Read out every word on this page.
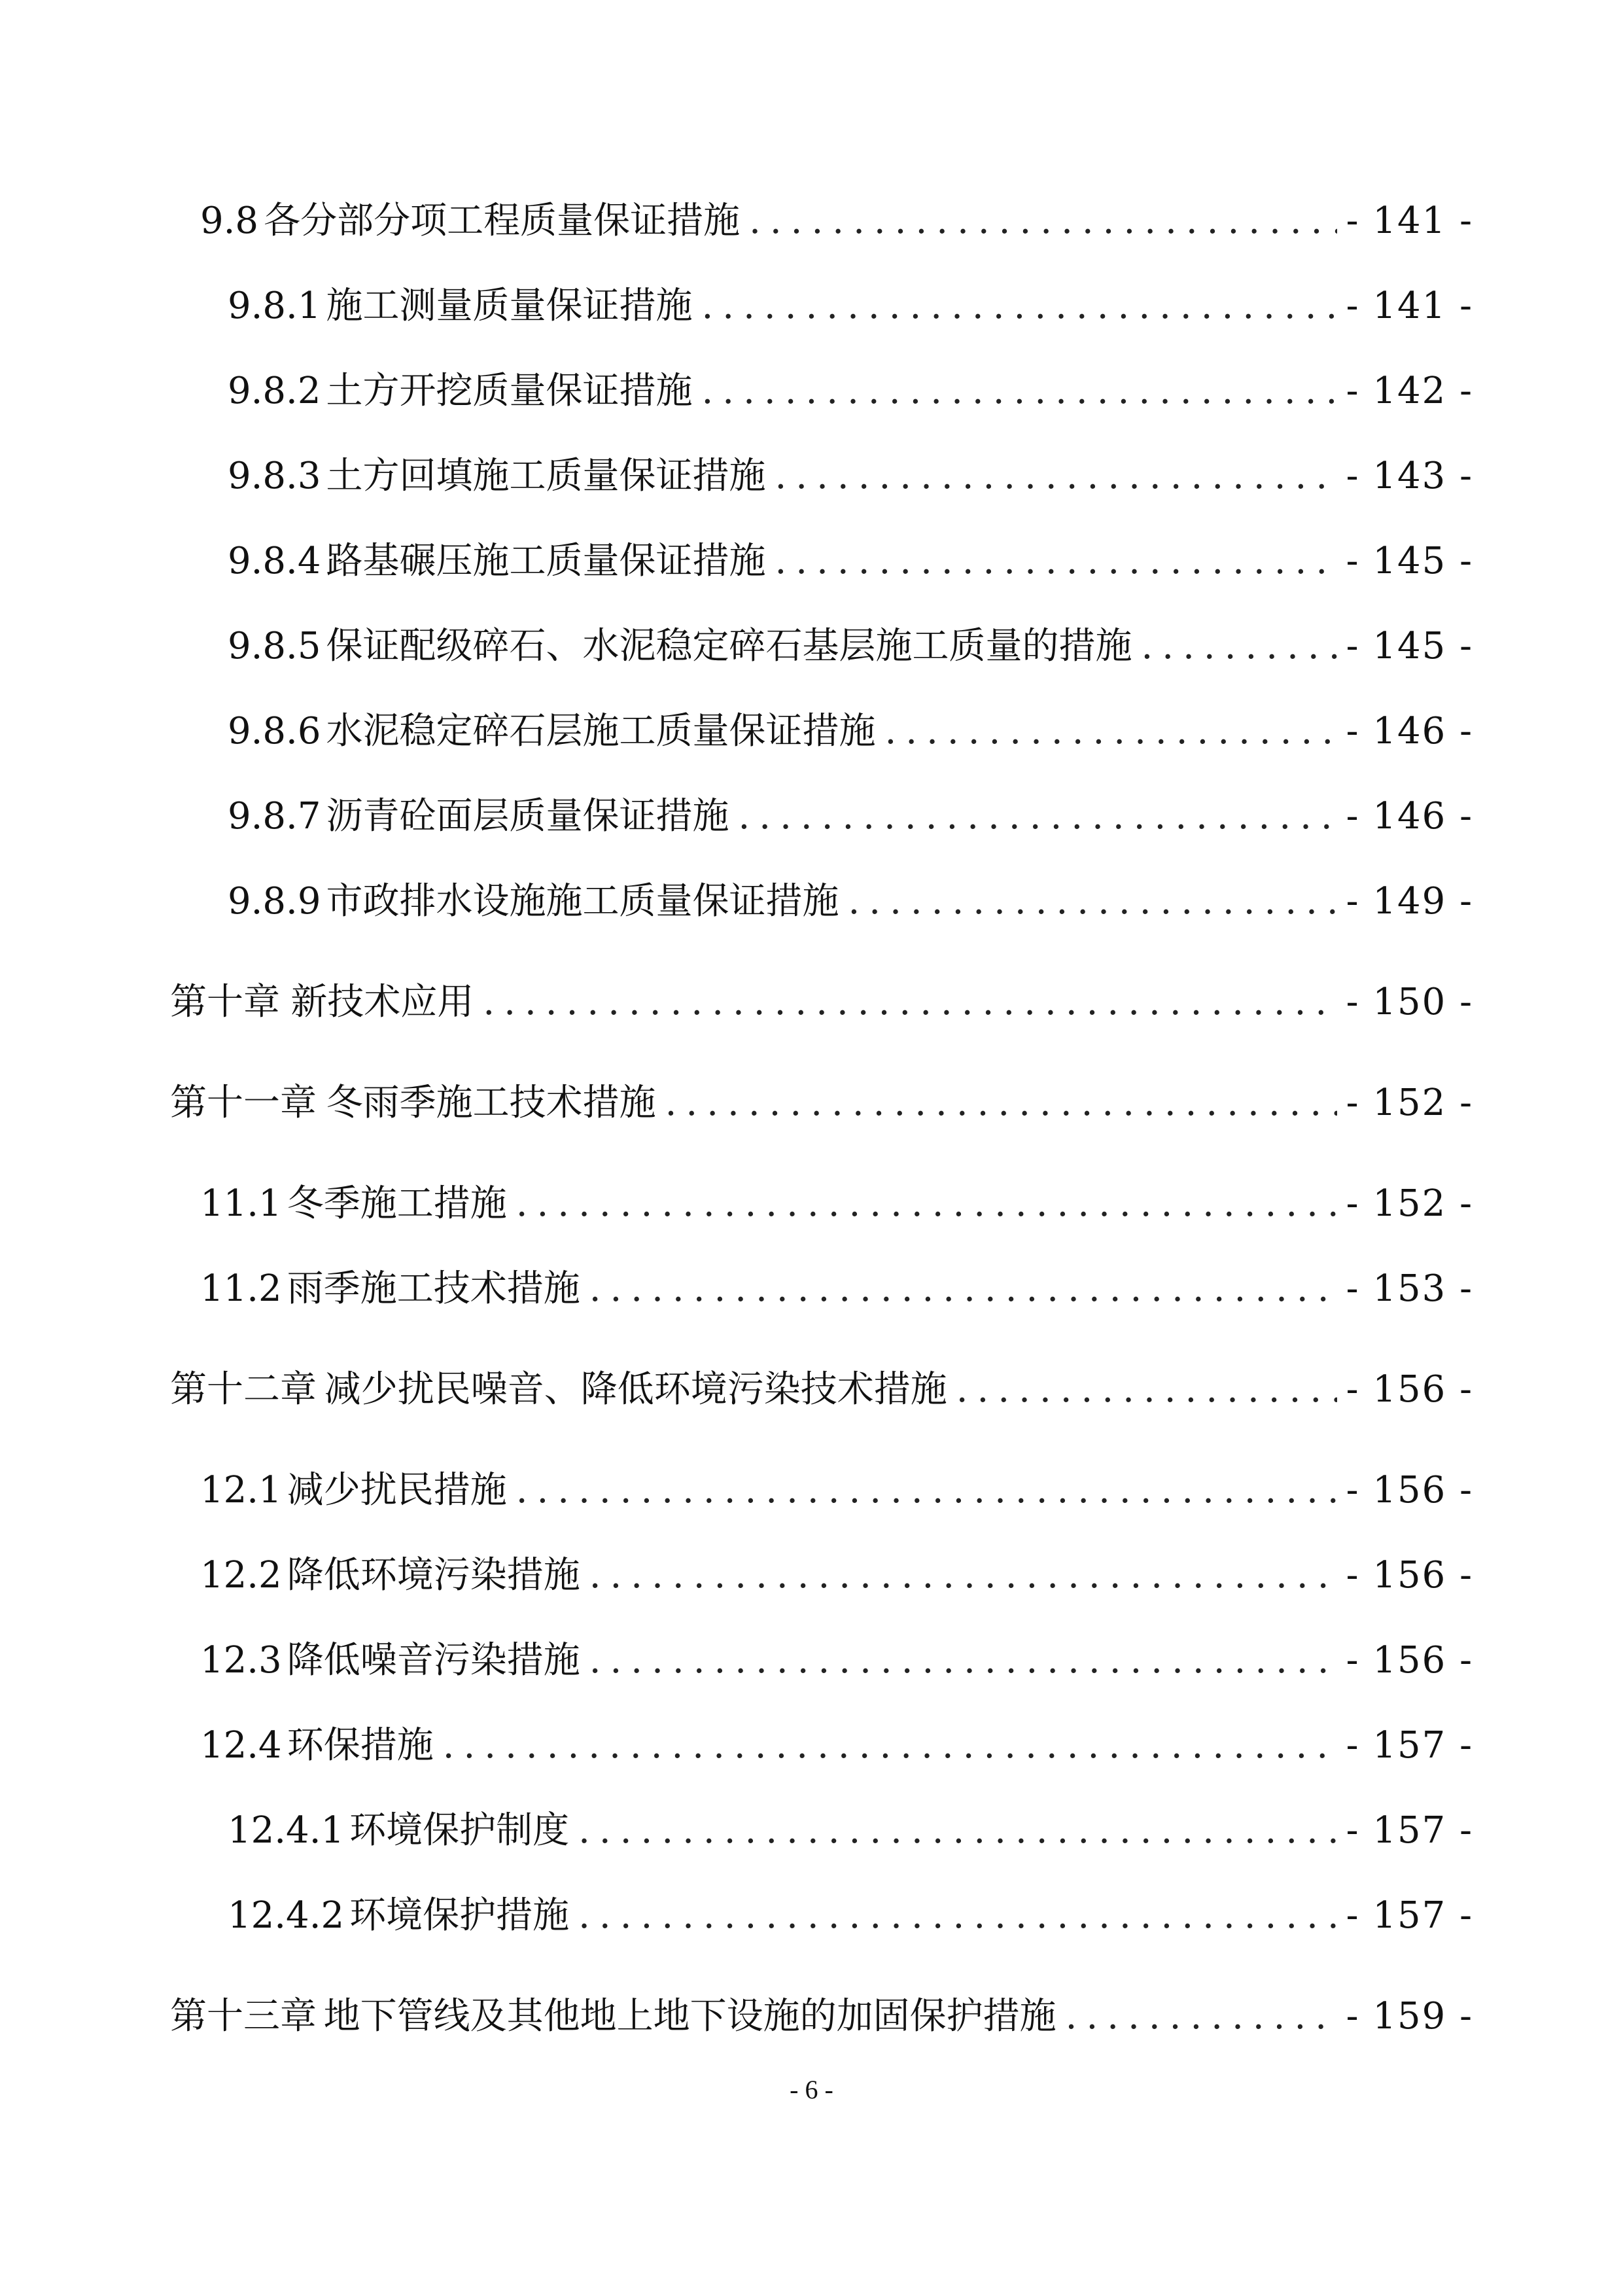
9.8 各分部分项工程质量保证措施 .....	- 141 -
9.8.1 施工测量质量保证措施 .....	- 141 -
9.8.2 土方开挖质量保证措施 .....	- 142 -
9.8.3 土方回填施工质量保证措施 .....	- 143 -
9.8.4 路基碾压施工质量保证措施 .....	- 145 -
9.8.5 保证配级碎石、水泥稳定碎石基层施工质量的措施 .....	- 145 -
9.8.6 水泥稳定碎石层施工质量保证措施 .....	- 146 -
9.8.7 沥青砼面层质量保证措施 .....	- 146 -
9.8.9 市政排水设施施工质量保证措施 .....	- 149 -
第十章 新技术应用 .....	- 150 -
第十一章 冬雨季施工技术措施 .....	- 152 -
11.1 冬季施工措施 .....	- 152 -
11.2 雨季施工技术措施 .....	- 153 -
第十二章 减少扰民噪音、降低环境污染技术措施 .....	- 156 -
12.1 减少扰民措施 .....	- 156 -
12.2 降低环境污染措施 .....	- 156 -
12.3 降低噪音污染措施 .....	- 156 -
12.4 环保措施 .....	- 157 -
12.4.1 环境保护制度 .....	- 157 -
12.4.2 环境保护措施 .....	- 157 -
第十三章 地下管线及其他地上地下设施的加固保护措施 .....	- 159 -
- 6 -
